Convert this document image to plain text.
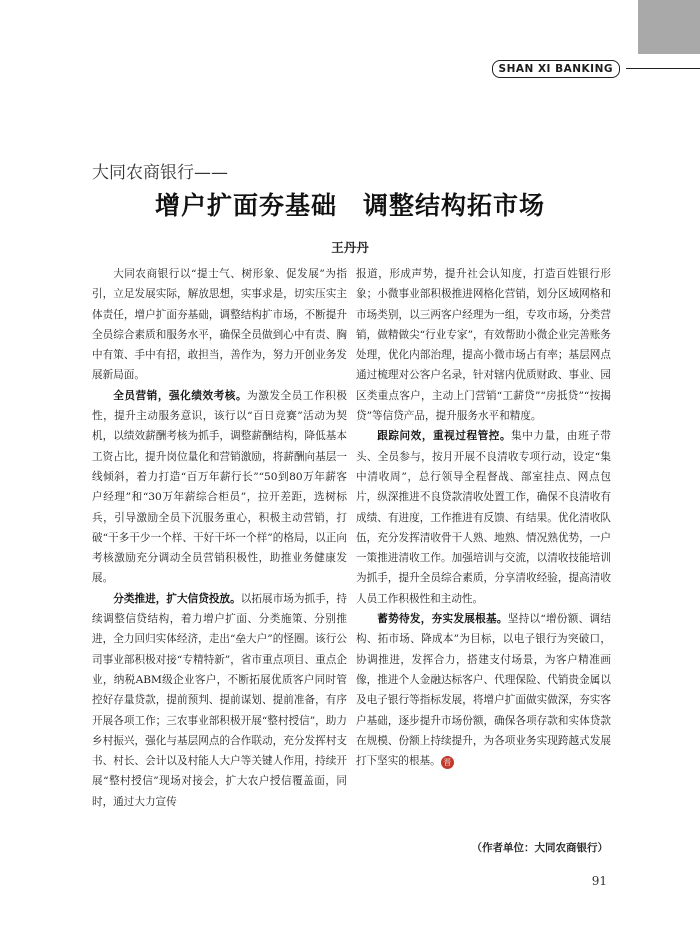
SHAN XI BANKING
大同农商银行——
增户扩面夯基础　调整结构拓市场
王丹丹

大同农商银行以“提士气、树形象、促发展”为指引，立足发展实际，解放思想，实事求是，切实压实主体责任，增户扩面夯基础，调整结构扩市场，不断提升全员综合素质和服务水平，确保全员做到心中有责、胸中有策、手中有招，敢担当，善作为，努力开创业务发展新局面。

全员营销，强化绩效考核。为激发全员工作积极性，提升主动服务意识，该行以“百日竞赛”活动为契机，以绩效薪酬考核为抓手，调整薪酬结构，降低基本工资占比，提升岗位量化和营销激励，将薪酬向基层一线倾斜，着力打造“百万年薪行长”“50到80万年薪客户经理”和“30万年薪综合柜员”，拉开差距，选树标兵，引导激励全员下沉服务重心，积极主动营销，打破“干多干少一个样、干好干坏一个样”的格局，以正向考核激励充分调动全员营销积极性，助推业务健康发展。

分类推进，扩大信贷投放。以拓展市场为抓手，持续调整信贷结构，着力增户扩面、分类施策、分别推进，全力回归实体经济，走出“垒大户”的怪圈。该行公司事业部积极对接“专精特新”，省市重点项目、重点企业，纳税ABM级企业客户，不断拓展优质客户同时管控好存量贷款，提前预判、提前谋划、提前准备，有序开展各项工作；三农事业部积极开展“整村授信”，助力乡村振兴，强化与基层网点的合作联动，充分发挥村支书、村长、会计以及村能人大户等关键人作用，持续开展“整村授信”现场对接会，扩大农户授信覆盖面，同时，通过大力宣传

报道，形成声势，提升社会认知度，打造百姓银行形象；小微事业部积极推进网格化营销，划分区域网格和市场类别，以三两客户经理为一组，专攻市场，分类营销，做精做尖“行业专家”，有效帮助小微企业完善账务处理，优化内部治理，提高小微市场占有率；基层网点通过梳理对公客户名录，针对辖内优质财政、事业、园区类重点客户，主动上门营销“工薪贷”“房抵贷”“按揭贷”等信贷产品，提升服务水平和精度。

跟踪问效，重视过程管控。集中力量，由班子带头、全员参与，按月开展不良清收专项行动，设定“集中清收周”，总行领导全程督战、部室挂点、网点包片，纵深推进不良贷款清收处置工作，确保不良清收有成绩、有进度，工作推进有反馈、有结果。优化清收队伍，充分发挥清收骨干人熟、地熟、情况熟优势，一户一策推进清收工作。加强培训与交流，以清收技能培训为抓手，提升全员综合素质，分享清收经验，提高清收人员工作积极性和主动性。

蓄势待发，夯实发展根基。坚持以“增份额、调结构、拓市场、降成本”为目标，以电子银行为突破口，协调推进，发挥合力，搭建支付场景，为客户精准画像，推进个人金融达标客户、代理保险、代销贵金属以及电子银行等指标发展，将增户扩面做实做深，夯实客户基础，逐步提升市场份额，确保各项存款和实体贷款在规模、份额上持续提升，为各项业务实现跨越式发展打下坚实的根基。 晋

（作者单位：大同农商银行）
91
